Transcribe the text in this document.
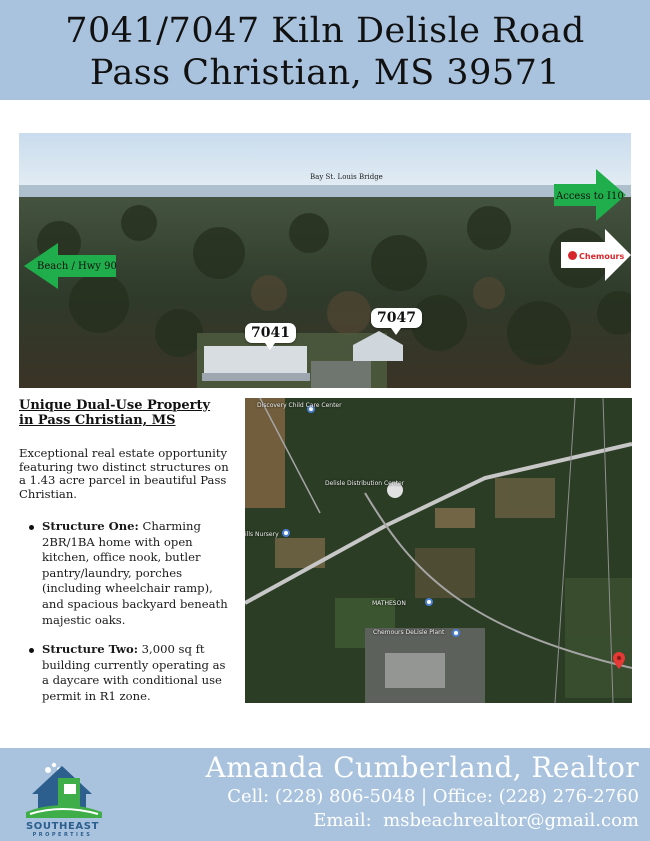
7041/7047 Kiln Delisle Road
Pass Christian, MS 39571
Beach / Hwy 90
Access to I10
Chemours
Bay St. Louis Bridge
7041
7047
Unique Dual-Use Property
in Pass Christian, MS

Exceptional real estate opportunity featuring two distinct structures on a 1.43 acre parcel in beautiful Pass Christian.

Structure One: Charming 2BR/1BA home with open kitchen, office nook, butler pantry/laundry, porches (including wheelchair ramp), and spacious backyard beneath majestic oaks.
Structure Two: 3,000 sq ft building currently operating as a daycare with conditional use permit in R1 zone.
Discovery Child Care Center
Delisle Distribution Center
ills Nursery
MATHESON
Chemours DeLisle Plant
SOUTHEAST
PROPERTIES
Amanda Cumberland, Realtor
Cell: (228) 806-5048 | Office: (228) 276-2760
Email:  msbeachrealtor@gmail.com
